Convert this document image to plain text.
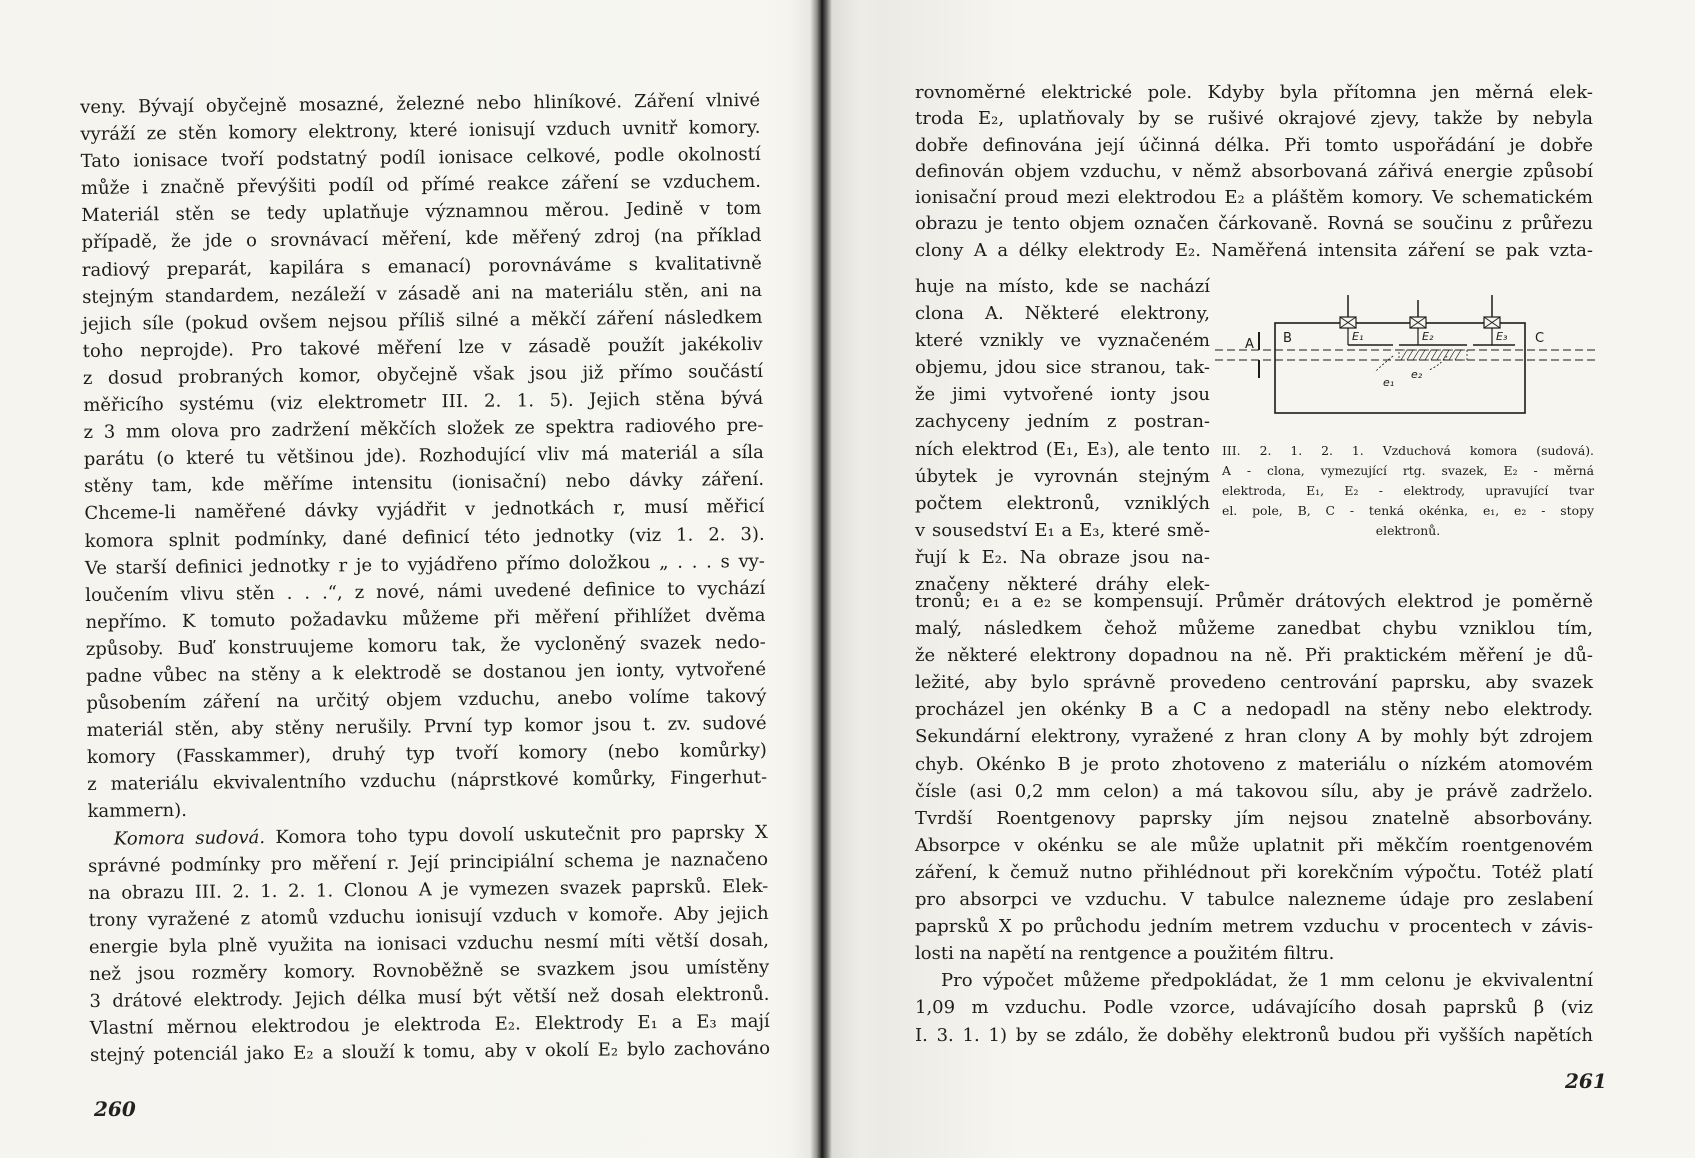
veny. Bývají obyčejně mosazné, železné nebo hliníkové. Záření vlnivé
vyráží ze stěn komory elektrony, které ionisují vzduch uvnitř komory.
Tato ionisace tvoří podstatný podíl ionisace celkové, podle okolností
může i značně převýšiti podíl od přímé reakce záření se vzduchem.
Materiál stěn se tedy uplatňuje významnou měrou. Jedině v tom
případě, že jde o srovnávací měření, kde měřený zdroj (na příklad
radiový preparát, kapilára s emanací) porovnáváme s kvalitativně
stejným standardem, nezáleží v zásadě ani na materiálu stěn, ani na
jejich síle (pokud ovšem nejsou příliš silné a měkčí záření následkem
toho neprojde). Pro takové měření lze v zásadě použít jakékoliv
z dosud probraných komor, obyčejně však jsou již přímo součástí
měřicího systému (viz elektrometr III. 2. 1. 5). Jejich stěna bývá
z 3 mm olova pro zadržení měkčích složek ze spektra radiového pre-
parátu (o které tu většinou jde). Rozhodující vliv má materiál a síla
stěny tam, kde měříme intensitu (ionisační) nebo dávky záření.
Chceme-li naměřené dávky vyjádřit v jednotkách r, musí měřicí
komora splnit podmínky, dané definicí této jednotky (viz 1. 2. 3).
Ve starší definici jednotky r je to vyjádřeno přímo doložkou „ . . . s vy-
loučením vlivu stěn . . .“, z nové, námi uvedené definice to vychází
nepřímo. K tomuto požadavku můžeme při měření přihlížet dvěma
způsoby. Buď konstruujeme komoru tak, že vycloněný svazek nedo-
padne vůbec na stěny a k elektrodě se dostanou jen ionty, vytvořené
působením záření na určitý objem vzduchu, anebo volíme takový
materiál stěn, aby stěny nerušily. První typ komor jsou t. zv. sudové
komory (Fasskammer), druhý typ tvoří komory (nebo komůrky)
z materiálu ekvivalentního vzduchu (náprstkové komůrky, Fingerhut-
kammern).
Komora sudová. Komora toho typu dovolí uskutečnit pro paprsky X
správné podmínky pro měření r. Její principiální schema je naznačeno
na obrazu III. 2. 1. 2. 1. Clonou A je vymezen svazek paprsků. Elek-
trony vyražené z atomů vzduchu ionisují vzduch v komoře. Aby jejich
energie byla plně využita na ionisaci vzduchu nesmí míti větší dosah,
než jsou rozměry komory. Rovnoběžně se svazkem jsou umístěny
3 drátové elektrody. Jejich délka musí být větší než dosah elektronů.
Vlastní měrnou elektrodou je elektroda E₂. Elektrody E₁ a E₃ mají
stejný potenciál jako E₂ a slouží k tomu, aby v okolí E₂ bylo zachováno
260
rovnoměrné elektrické pole. Kdyby byla přítomna jen měrná elek-
troda E₂, uplatňovaly by se rušivé okrajové zjevy, takže by nebyla
dobře definována její účinná délka. Při tomto uspořádání je dobře
definován objem vzduchu, v němž absorbovaná zářivá energie způsobí
ionisační proud mezi elektrodou E₂ a pláštěm komory. Ve schematickém
obrazu je tento objem označen čárkovaně. Rovná se součinu z průřezu
clony A a délky elektrody E₂. Naměřená intensita záření se pak vzta-
huje na místo, kde se nachází
clona A. Některé elektrony,
které vznikly ve vyznačeném
objemu, jdou sice stranou, tak-
že jimi vytvořené ionty jsou
zachyceny jedním z postran-
ních elektrod (E₁, E₃), ale tento
úbytek je vyrovnán stejným
počtem elektronů, vzniklých
v sousedství E₁ a E₃, které smě-
řují k E₂. Na obraze jsou na-
značeny některé dráhy elek-
A B	C
E₁	E₂	E₃
e₁
e₂
III. 2. 1. 2. 1. Vzduchová komora (sudová).
A - clona, vymezující rtg. svazek, E₂ - měrná
elektroda, E₁, E₂ - elektrody, upravující tvar
el. pole, B, C - tenká okénka, e₁, e₂ - stopy
elektronů.
tronů; e₁ a e₂ se kompensují. Průměr drátových elektrod je poměrně
malý, následkem čehož můžeme zanedbat chybu vzniklou tím,
že některé elektrony dopadnou na ně. Při praktickém měření je dů-
ležité, aby bylo správně provedeno centrování paprsku, aby svazek
procházel jen okénky B a C a nedopadl na stěny nebo elektrody.
Sekundární elektrony, vyražené z hran clony A by mohly být zdrojem
chyb. Okénko B je proto zhotoveno z materiálu o nízkém atomovém
čísle (asi 0,2 mm celon) a má takovou sílu, aby je právě zadrželo.
Tvrdší Roentgenovy paprsky jím nejsou znatelně absorbovány.
Absorpce v okénku se ale může uplatnit při měkčím roentgenovém
záření, k čemuž nutno přihlédnout při korekčním výpočtu. Totéž platí
pro absorpci ve vzduchu. V tabulce nalezneme údaje pro zeslabení
paprsků X po průchodu jedním metrem vzduchu v procentech v závis-
losti na napětí na rentgence a použitém filtru.
Pro výpočet můžeme předpokládat, že 1 mm celonu je ekvivalentní
1,09 m vzduchu. Podle vzorce, udávajícího dosah paprsků β (viz
I. 3. 1. 1) by se zdálo, že doběhy elektronů budou při vyšších napětích
261
